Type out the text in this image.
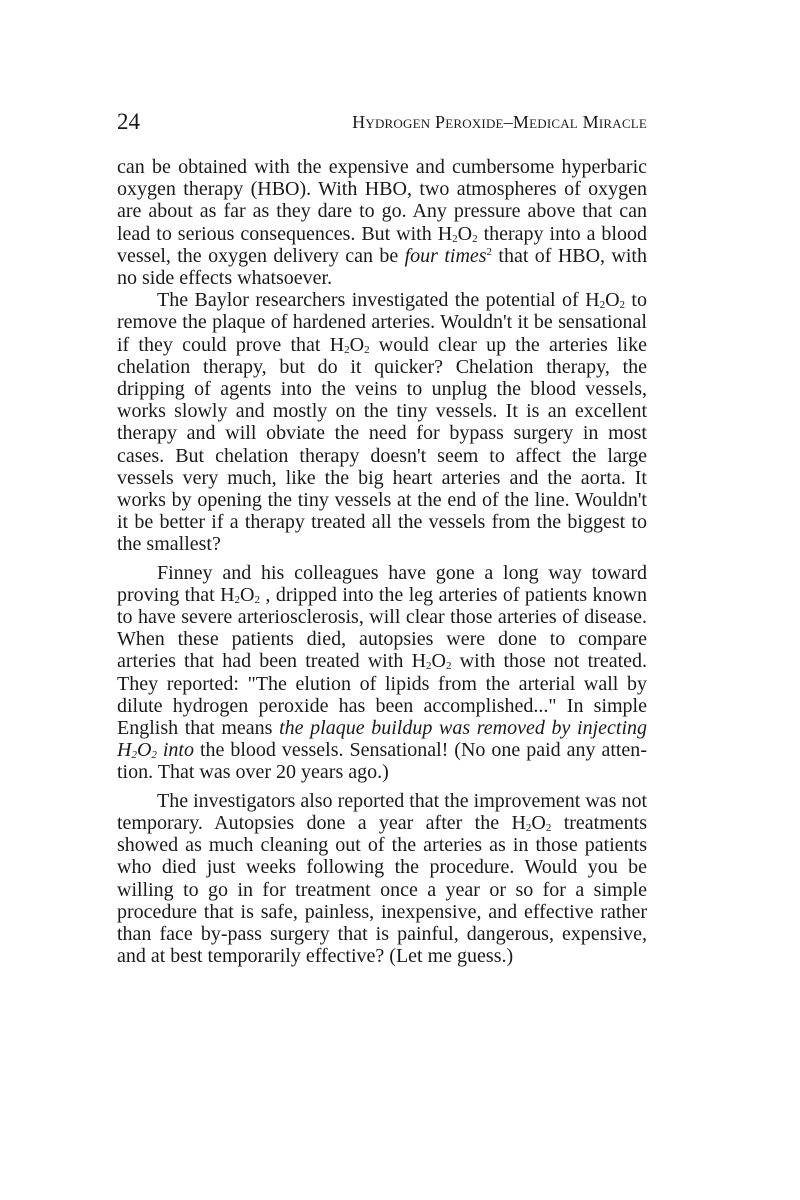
24	Hydrogen Peroxide–Medical Miracle

can be obtained with the expensive and cumbersome hyperbaric oxygen therapy (HBO). With HBO, two atmospheres of oxygen are about as far as they dare to go. Any pressure above that can lead to serious consequences. But with $H_2O_2$ therapy into a blood vessel, the oxygen delivery can be four times$^2$ that of HBO, with no side effects whatsoever.

The Baylor researchers investigated the potential of $H_2O_2$ to remove the plaque of hardened arteries. Wouldn't it be sensational if they could prove that $H_2O_2$ would clear up the arteries like chelation therapy, but do it quicker? Chelation therapy, the dripping of agents into the veins to unplug the blood vessels, works slowly and mostly on the tiny vessels. It is an excellent therapy and will obviate the need for bypass surgery in most cases. But chelation therapy doesn't seem to affect the large vessels very much, like the big heart arteries and the aorta. It works by opening the tiny vessels at the end of the line. Wouldn't it be better if a therapy treated all the vessels from the biggest to the smallest?

Finney and his colleagues have gone a long way toward proving that $H_2O_2$ , dripped into the leg arteries of patients known to have severe arteriosclerosis, will clear those arteries of disease. When these patients died, autopsies were done to compare arteries that had been treated with $H_2O_2$ with those not treated. They reported: "The elution of lipids from the arterial wall by dilute hydrogen peroxide has been accomplished..." In simple English that means the plaque buildup was removed by injecting $H_2O_2$ into the blood vessels. Sensational! (No one paid any attention. That was over 20 years ago.)

The investigators also reported that the improvement was not temporary. Autopsies done a year after the $H_2O_2$ treatments showed as much cleaning out of the arteries as in those patients who died just weeks following the procedure. Would you be willing to go in for treatment once a year or so for a simple procedure that is safe, painless, inexpensive, and effective rather than face by-pass surgery that is painful, dangerous, expensive, and at best temporarily effective? (Let me guess.)
